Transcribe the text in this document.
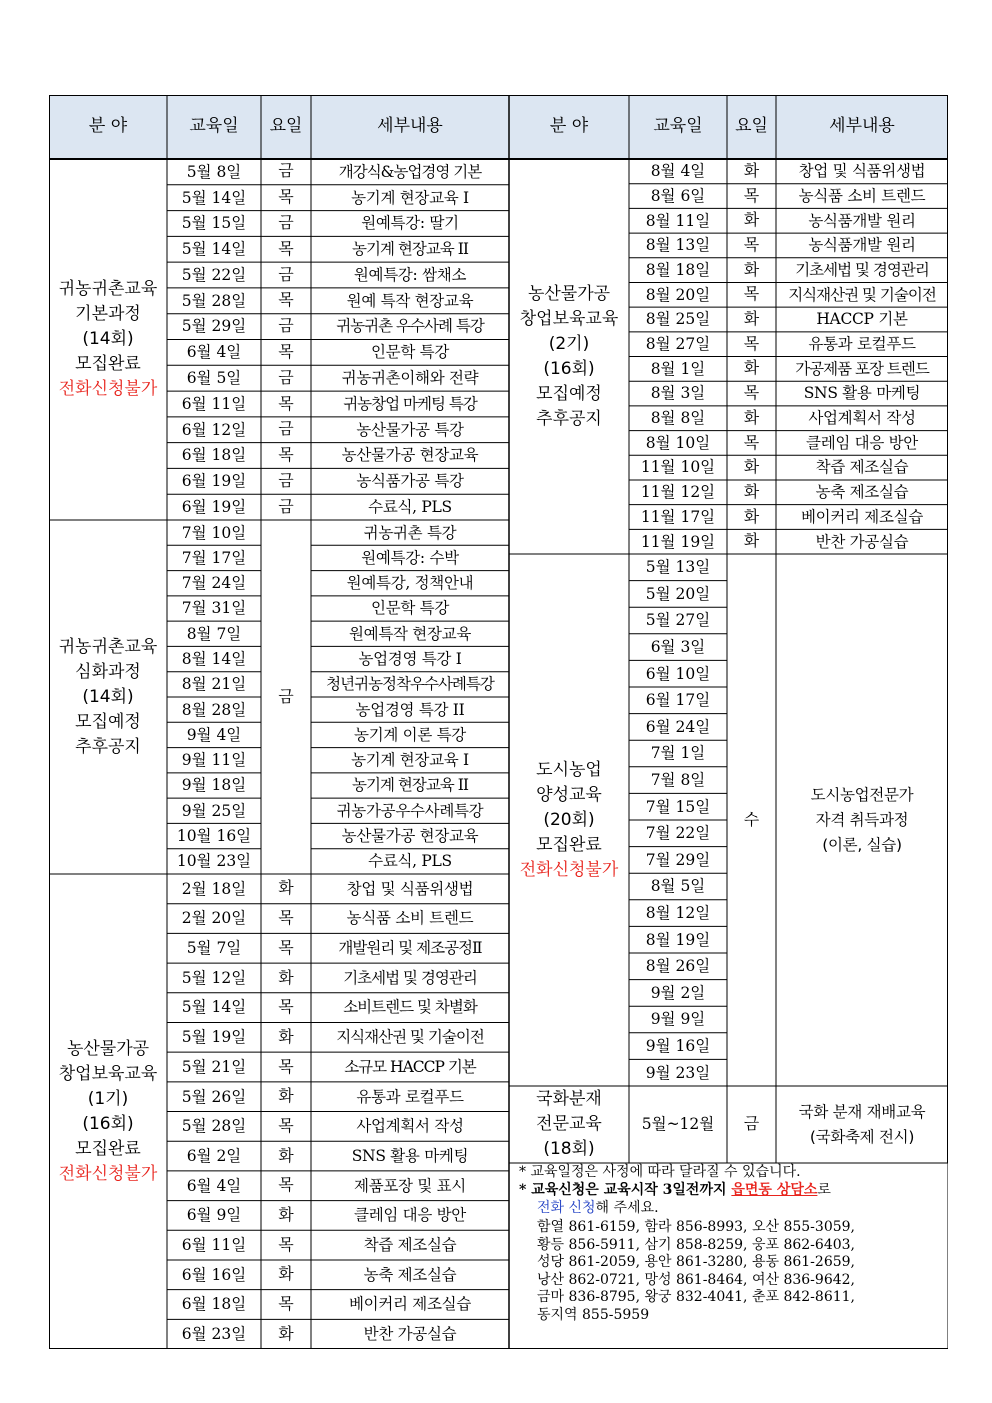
분 야	교육일	요일	세부내용	분 야	교육일	요일	세부내용
귀농귀촌교육
기본과정
(14회)
모집완료
전화신청불가
5월 8일	금	개강식&농업경영 기본
5월 14일	목	농기계 현장교육 I
5월 15일	금	원예특강: 딸기
5월 14일	목	농기계 현장교육 II
5월 22일	금	원예특강: 쌈채소
5월 28일	목	원예 특작 현장교육
5월 29일	금	귀농귀촌 우수사례 특강
6월 4일	목	인문학 특강
6월 5일	금	귀농귀촌이해와 전략
6월 11일	목	귀농창업 마케팅 특강
6월 12일	금	농산물가공 특강
6월 18일	목	농산물가공 현장교육
6월 19일	금	농식품가공 특강
6월 19일	금	수료식, PLS
귀농귀촌교육
심화과정
(14회)
모집예정
추후공지
7월 10일	귀농귀촌 특강
7월 17일	원예특강: 수박
7월 24일	원예특강, 정책안내
7월 31일	인문학 특강
8월 7일	원예특작 현장교육
8월 14일	농업경영 특강 I
8월 21일	청년귀농정착우수사례특강
8월 28일	농업경영 특강 II
9월 4일	농기계 이론 특강
9월 11일	농기계 현장교육 I
9월 18일	농기계 현장교육 II
9월 25일	귀농가공우수사례특강
10월 16일	농산물가공 현장교육
10월 23일	수료식, PLS
금
농산물가공
창업보육교육
(1기)
(16회)
모집완료
전화신청불가
2월 18일	화	창업 및 식품위생법
2월 20일	목	농식품 소비 트렌드
5월 7일	목	개발원리 및 제조공정Ⅱ
5월 12일	화	기초세법 및 경영관리
5월 14일	목	소비트렌드 및 차별화
5월 19일	화	지식재산권 및 기술이전
5월 21일	목	소규모 HACCP 기본
5월 26일	화	유통과 로컬푸드
5월 28일	목	사업계획서 작성
6월 2일	화	SNS 활용 마케팅
6월 4일	목	제품포장 및 표시
6월 9일	화	클레임 대응 방안
6월 11일	목	착즙 제조실습
6월 16일	화	농축 제조실습
6월 18일	목	베이커리 제조실습
6월 23일	화	반찬 가공실습
농산물가공
창업보육교육
(2기)
(16회)
모집예정
추후공지
8월 4일	화	창업 및 식품위생법
8월 6일	목	농식품 소비 트렌드
8월 11일	화	농식품개발 원리
8월 13일	목	농식품개발 원리
8월 18일	화	기초세법 및 경영관리
8월 20일	목	지식재산권 및 기술이전
8월 25일	화	HACCP 기본
8월 27일	목	유통과 로컬푸드
8월 1일	화	가공제품 포장 트렌드
8월 3일	목	SNS 활용 마케팅
8월 8일	화	사업계획서 작성
8월 10일	목	클레임 대응 방안
11월 10일	화	착즙 제조실습
11월 12일	화	농축 제조실습
11월 17일	화	베이커리 제조실습
11월 19일	화	반찬 가공실습
도시농업
양성교육
(20회)
모집완료
전화신청불가
5월 13일
5월 20일
5월 27일
6월 3일
6월 10일
6월 17일
6월 24일
7월 1일
7월 8일
7월 15일
7월 22일
7월 29일
8월 5일
8월 12일
8월 19일
8월 26일
9월 2일
9월 9일
9월 16일
9월 23일
수
도시농업전문가
자격 취득과정
(이론, 실습)
국화분재
전문교육
(18회)
5월~12월	금
국화 분재 재배교육
(국화축제 전시)
* 교육일정은 사정에 따라 달라질 수 있습니다.
* 교육신청은 교육시작 3일전까지 읍면동 상담소로
전화 신청해 주세요.
함열 861-6159, 함라 856-8993, 오산 855-3059,
황등 856-5911, 삼기 858-8259, 웅포 862-6403,
성당 861-2059, 용안 861-3280, 용동 861-2659,
낭산 862-0721, 망성 861-8464, 여산 836-9642,
금마 836-8795, 왕궁 832-4041, 춘포 842-8611,
동지역 855-5959
